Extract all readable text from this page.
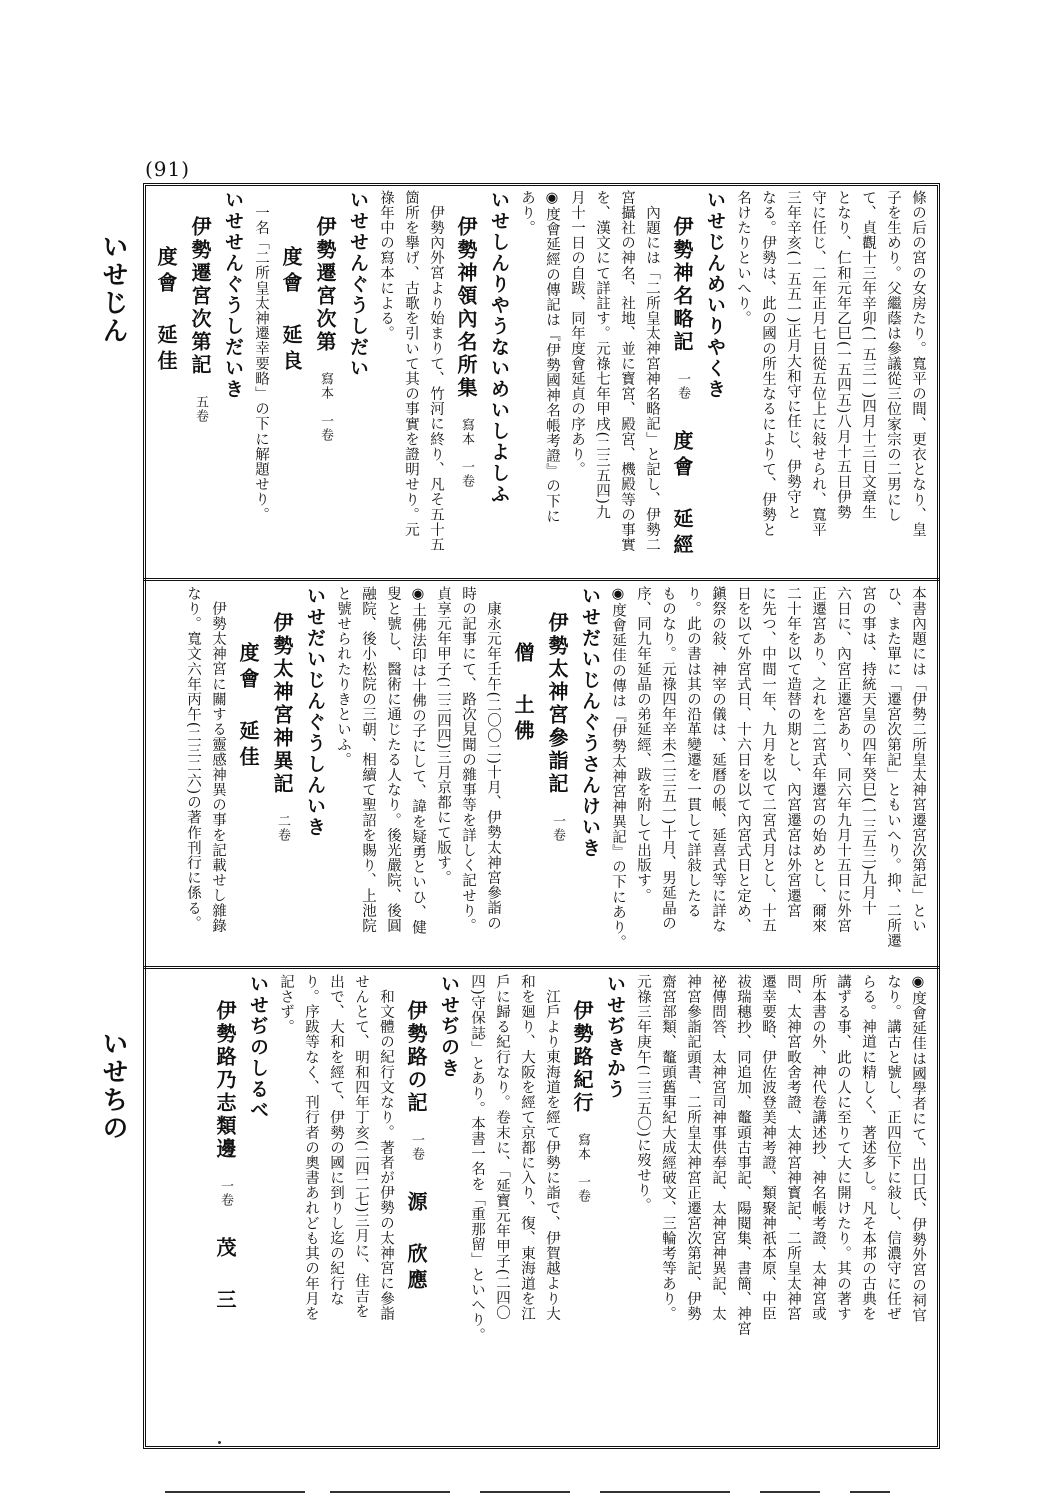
(91)
いせじん
いせちの
條の后の宮の女房たり。寬平の間、更衣となり、皇
子を生めり。父繼蔭は參議從三位家宗の二男にし
て、貞觀十三年辛卯(一五三一)四月十三日文章生
となり、仁和元年乙巳(一五四五)八月十五日伊勢
守に任じ、二年正月七日從五位上に敍せられ、寬平
三年辛亥(一五五一)正月大和守に任じ、伊勢守と
なる。伊勢は、此の國の所生なるによりて、伊勢と
名けたりといへり。
いせじんめいりやくき
伊勢神名略記一卷度會　延經
內題には「二所皇太神宮神名略記」と記し、伊勢二
宮攝社の神名、社地、並に寳宮、殿宮、機殿等の事實
を、漢文にて詳註す。元祿七年甲戌(二三五四)九
月十一日の自跋、同年度會延貞の序あり。
◉度會延經の傳記は『伊勢國神名帳考證』の下に
あり。
いせしんりやうないめいしよしふ
伊勢神領內名所集寫本　一卷
伊勢內外宮より始まりて、竹河に終り、凡そ五十五
箇所を擧げ、古歌を引いて其の事實を證明せり。元
祿年中の寫本による。
いせせんぐうしだい
伊勢遷宮次第寫本　一卷度會　延良
一名「二所皇太神遷幸要略」の下に解題せり。
いせせんぐうしだいき
伊勢遷宮次第記五卷度會　延佳
本書內題には「伊勢二所皇太神宮遷宮次第記」とい
ひ、また單に「遷宮次第記」ともいへり。抑、二所遷
宮の事は、持統天皇の四年癸巳(一三五三)九月十
六日に、內宮正遷宮あり、同六年九月十五日に外宮
正遷宮あり、之れを二宮式年遷宮の始めとし、爾來
二十年を以て造替の期とし、內宮遷宮は外宮遷宮
に先つ、中間一年、九月を以て二宮式月とし、十五
日を以て外宮式日、十六日を以て內宮式日と定め、
鎭祭の敍、神宰の儀は、延曆の帳、延喜式等に詳な
り。此の書は其の沿革變遷を一貫して詳敍したる
ものなり。元祿四年辛未(二三五一)十月、男延晶の
序、同九年延晶の弟延經、跋を附して出版す。
◉度會延佳の傳は『伊勢太神宮神異記』の下にあり。
いせだいじんぐうさんけいき
伊勢太神宮參詣記一卷僧　土佛
康永元年壬午(二〇〇二)十月、伊勢太神宮參詣の
時の記事にて、路次見聞の雜事等を詳しく記せり。
貞享元年甲子(二三四四)三月京都にて版す。
◉土佛法印は十佛の子にして、諱を疑勇といひ、健
叟と號し、醫術に通じたる人なり。後光嚴院、後圓
融院、後小松院の三朝、相續て聖詔を賜り、上池院
と號せられたりきといふ。
いせだいじんぐうしんいき
伊勢太神宮神異記二卷度會　延佳
伊勢太神宮に關する靈感神異の事を記載せし雜錄
なり。寬文六年丙午(二三二六)の著作刊行に係る。
◉度會延佳は國學者にて、出口氏、伊勢外宮の祠官
なり。講古と號し、正四位下に敍し、信濃守に任ぜ
らる。神道に精しく、著述多し。凡そ本邦の古典を
講ずる事、此の人に至りて大に開けたり。其の著す
所本書の外、神代卷講述抄、神名帳考證、太神宮或
問、太神宮畋舍考證、太神宮神寳記、二所皇太神宮
遷幸要略、伊佐波登美神考證、類聚神祇本原、中臣
祓瑞穗抄、同追加、鼇頭古事記、陽閱集、書簡、神宮
祕傳問答、太神宮司神事供奉記、太神宮神異記、太
神宮參詣記頭書、二所皇太神宮正遷宮次第記、伊勢
齋宮部類、鼇頭舊事紀大成經破文、三輪考等あり。
元祿三年庚午(二三五〇)に歿せり。
いせぢきかう
伊勢路紀行寫本　一卷
江戶より東海道を經て伊勢に詣で、伊賀越より大
和を廻り、大阪を經て京都に入り、復、東海道を江
戶に歸る紀行なり。卷末に、「延寳元年甲子(二四〇
四)守保誌」とあり。本書一名を「重那留」といへり。
いせぢのき
伊勢路の記一卷源　欣應
和文體の紀行文なり。著者が伊勢の太神宮に參詣
せんとて、明和四年丁亥(二四二七)三月に、住吉を
出で、大和を經て、伊勢の國に到りし迄の紀行な
り。序跋等なく、刊行者の奧書あれども其の年月を
記さず。
いせぢのしるべ
伊勢路乃志類邊一卷茂　三
